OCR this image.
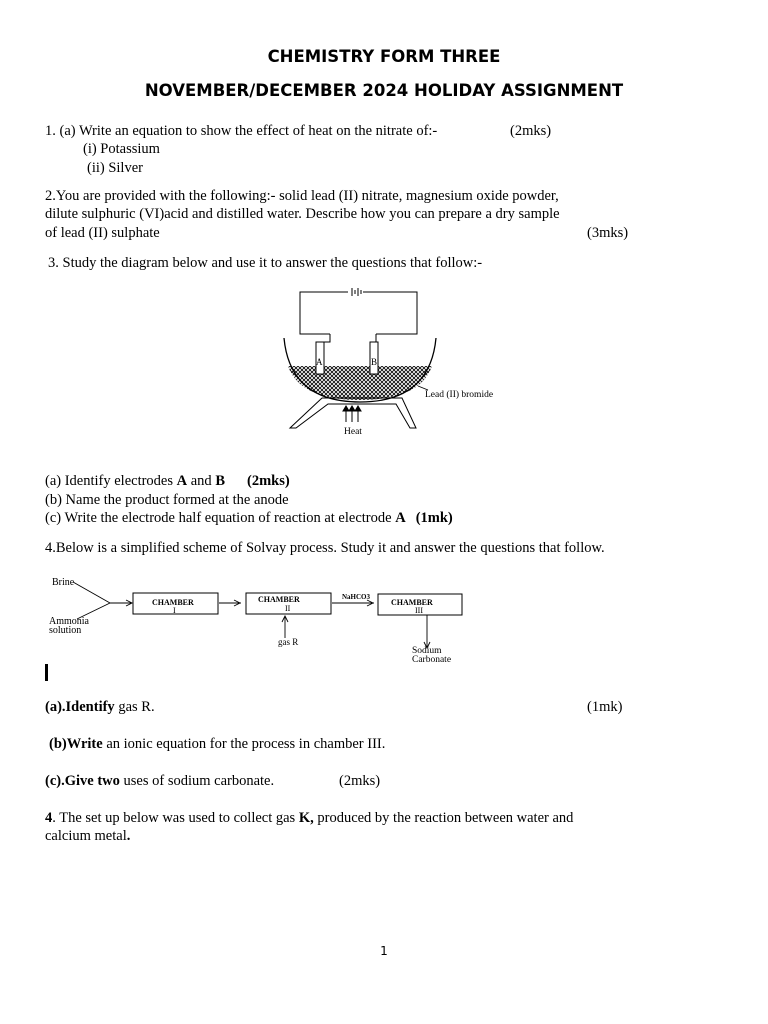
CHEMISTRY FORM THREE
NOVEMBER/DECEMBER 2024 HOLIDAY ASSIGNMENT
1. (a) Write an equation to show the effect of heat on the nitrate of:-	(2mks)
(i) Potassium
(ii) Silver
2.You are provided with the following:- solid lead (II) nitrate, magnesium oxide powder,
dilute sulphuric (VI)acid and distilled water. Describe how you can prepare a dry sample
of lead (II) sulphate	(3mks)
3. Study the diagram below and use it to answer the questions that follow:-
A	B
Lead (II) bromide
Heat
(a) Identify electrodes A and B (2mks)
(b) Name the product formed at the anode
(c) Write the electrode half equation of reaction at electrode A (1mk)
4.Below is a simplified scheme of Solvay process. Study it and answer the questions that follow.
Brine
Ammonia
solution
CHAMBER
I
CHAMBER
II
NaHCO3
CHAMBER
III
gas R
Sodium
Carbonate
(a).Identify gas R.	(1mk)
(b)Write an ionic equation for the process in chamber III.
(c).Give two uses of sodium carbonate.	(2mks)
4. The set up below was used to collect gas K, produced by the reaction between water and
calcium metal.
1
